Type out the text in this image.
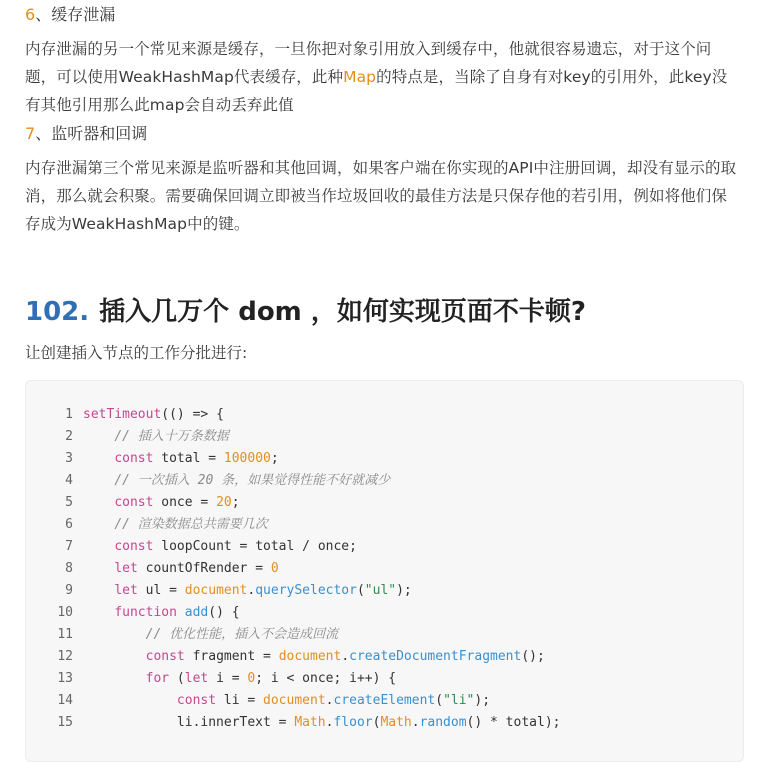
6、缓存泄漏
内存泄漏的另一个常见来源是缓存，一旦你把对象引用放入到缓存中，他就很容易遗忘，对于这个问题，可以使用WeakHashMap代表缓存，此种Map的特点是，当除了自身有对key的引用外，此key没有其他引用那么此map会自动丢弃此值
7、监听器和回调
内存泄漏第三个常见来源是监听器和其他回调，如果客户端在你实现的API中注册回调，却没有显示的取消，那么就会积聚。需要确保回调立即被当作垃圾回收的最佳方法是只保存他的若引用，例如将他们保存成为WeakHashMap中的键。
102. 插入几万个 dom ，如何实现页面不卡顿?
让创建插入节点的工作分批进行:
1 setTimeout(() => {
2	// 插入十万条数据
3	const total = 100000;
4	// 一次插入 20 条，如果觉得性能不好就减少
5	const once = 20;
6	// 渲染数据总共需要几次
7	const loopCount = total / once;
8	let countOfRender = 0
9	let ul = document.querySelector("ul");
10	function add() {
11	// 优化性能，插入不会造成回流
12	const fragment = document.createDocumentFragment();
13	for (let i = 0; i < once; i++) {
14	const li = document.createElement("li");
15 li.innerText = Math.floor(Math.random() * total);
